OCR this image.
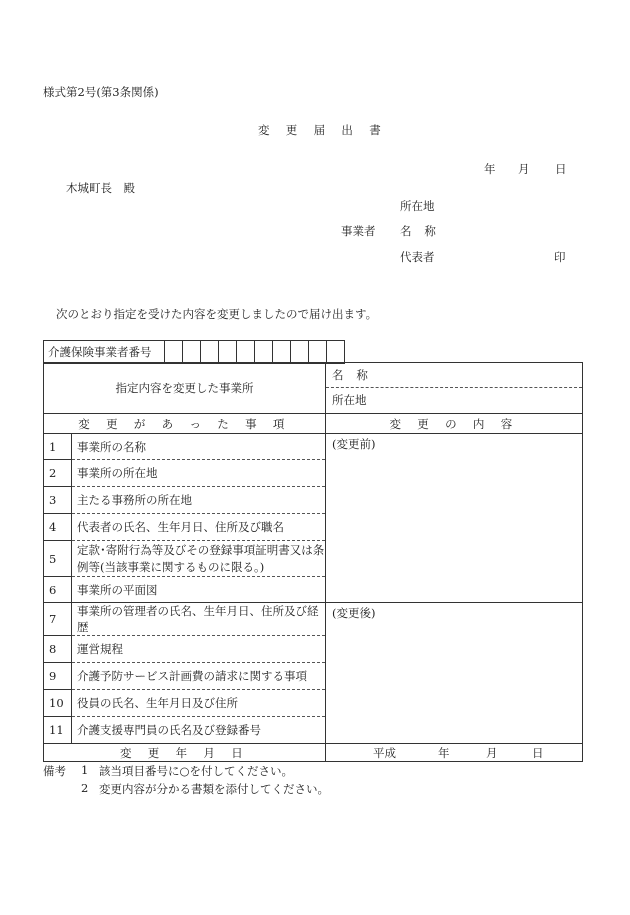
様式第2号(第3条関係)
変 更 届 出 書
年 月 日
木城町長　殿
所在地
事業者 名 称
代表者	印
次のとおり指定を受けた内容を変更しましたので届け出ます。
介護保険事業者番号										
指定内容を変更した事業所		名 称
		所在地
変 更 が あ っ た 事 項		変 更 の 内 容
1	事業所の名称	(変更前)
2	事業所の所在地	
3	主たる事務所の所在地	
4	代表者の氏名、生年月日、住所及び職名	
5	定款･寄附行為等及びその登録事項証明書又は条例等(当該事業に関するものに限る。)	
6	事業所の平面図	
7	事業所の管理者の氏名、生年月日、住所及び経歴	(変更後)
8	運営規程	
9	介護予防サービス計画費の請求に関する事項	
10	役員の氏名、生年月日及び住所	
11	介護支援専門員の氏名及び登録番号	
変 更 年 月 日		平成 年 月 日
備考 1 該当項目番号に○を付してください。
2 変更内容が分かる書類を添付してください。
